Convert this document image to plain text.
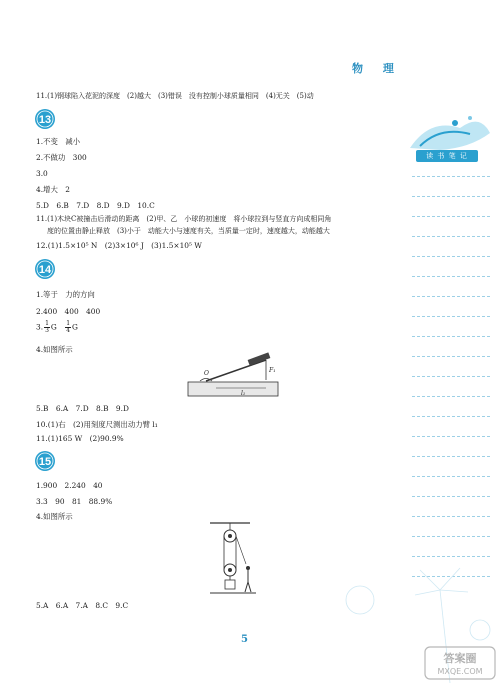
物 理
读 书 笔 记
11.(1)钢球陷入花泥的深度　(2)越大　(3)错误　没有控制小球质量相同　(4)无关　(5)动
13
1.不变　减小
2.不做功　300
3.0
4.增大　2
5.D　6.B　7.D　8.D　9.D　10.C
11.(1)木块C被撞击后滑动的距离　(2)甲、乙　小球的初速度　将小球拉到与竖直方向成相同角
度的位置由静止释放　(3)小于　动能大小与速度有关，当质量一定时，速度越大，动能越大
12.(1)1.5×10⁵ N　(2)3×10⁶ J　(3)1.5×10⁵ W
14
1.等于　力的方向
2.400　400　400
3. $\frac{1}{3}$ G　 $\frac{1}{4}$ G
4.如图所示
O	F₁
l₁
5.B　6.A　7.D　8.B　9.D
10.(1)右　(2)用刻度尺测出动力臂 l₁
11.(1)165 W　(2)90.9%
15
1.900　2.240　40
3.3　90　81　88.9%
4.如图所示
5.A　6.A　7.A　8.C　9.C
5
答案圈
MXQE.COM
